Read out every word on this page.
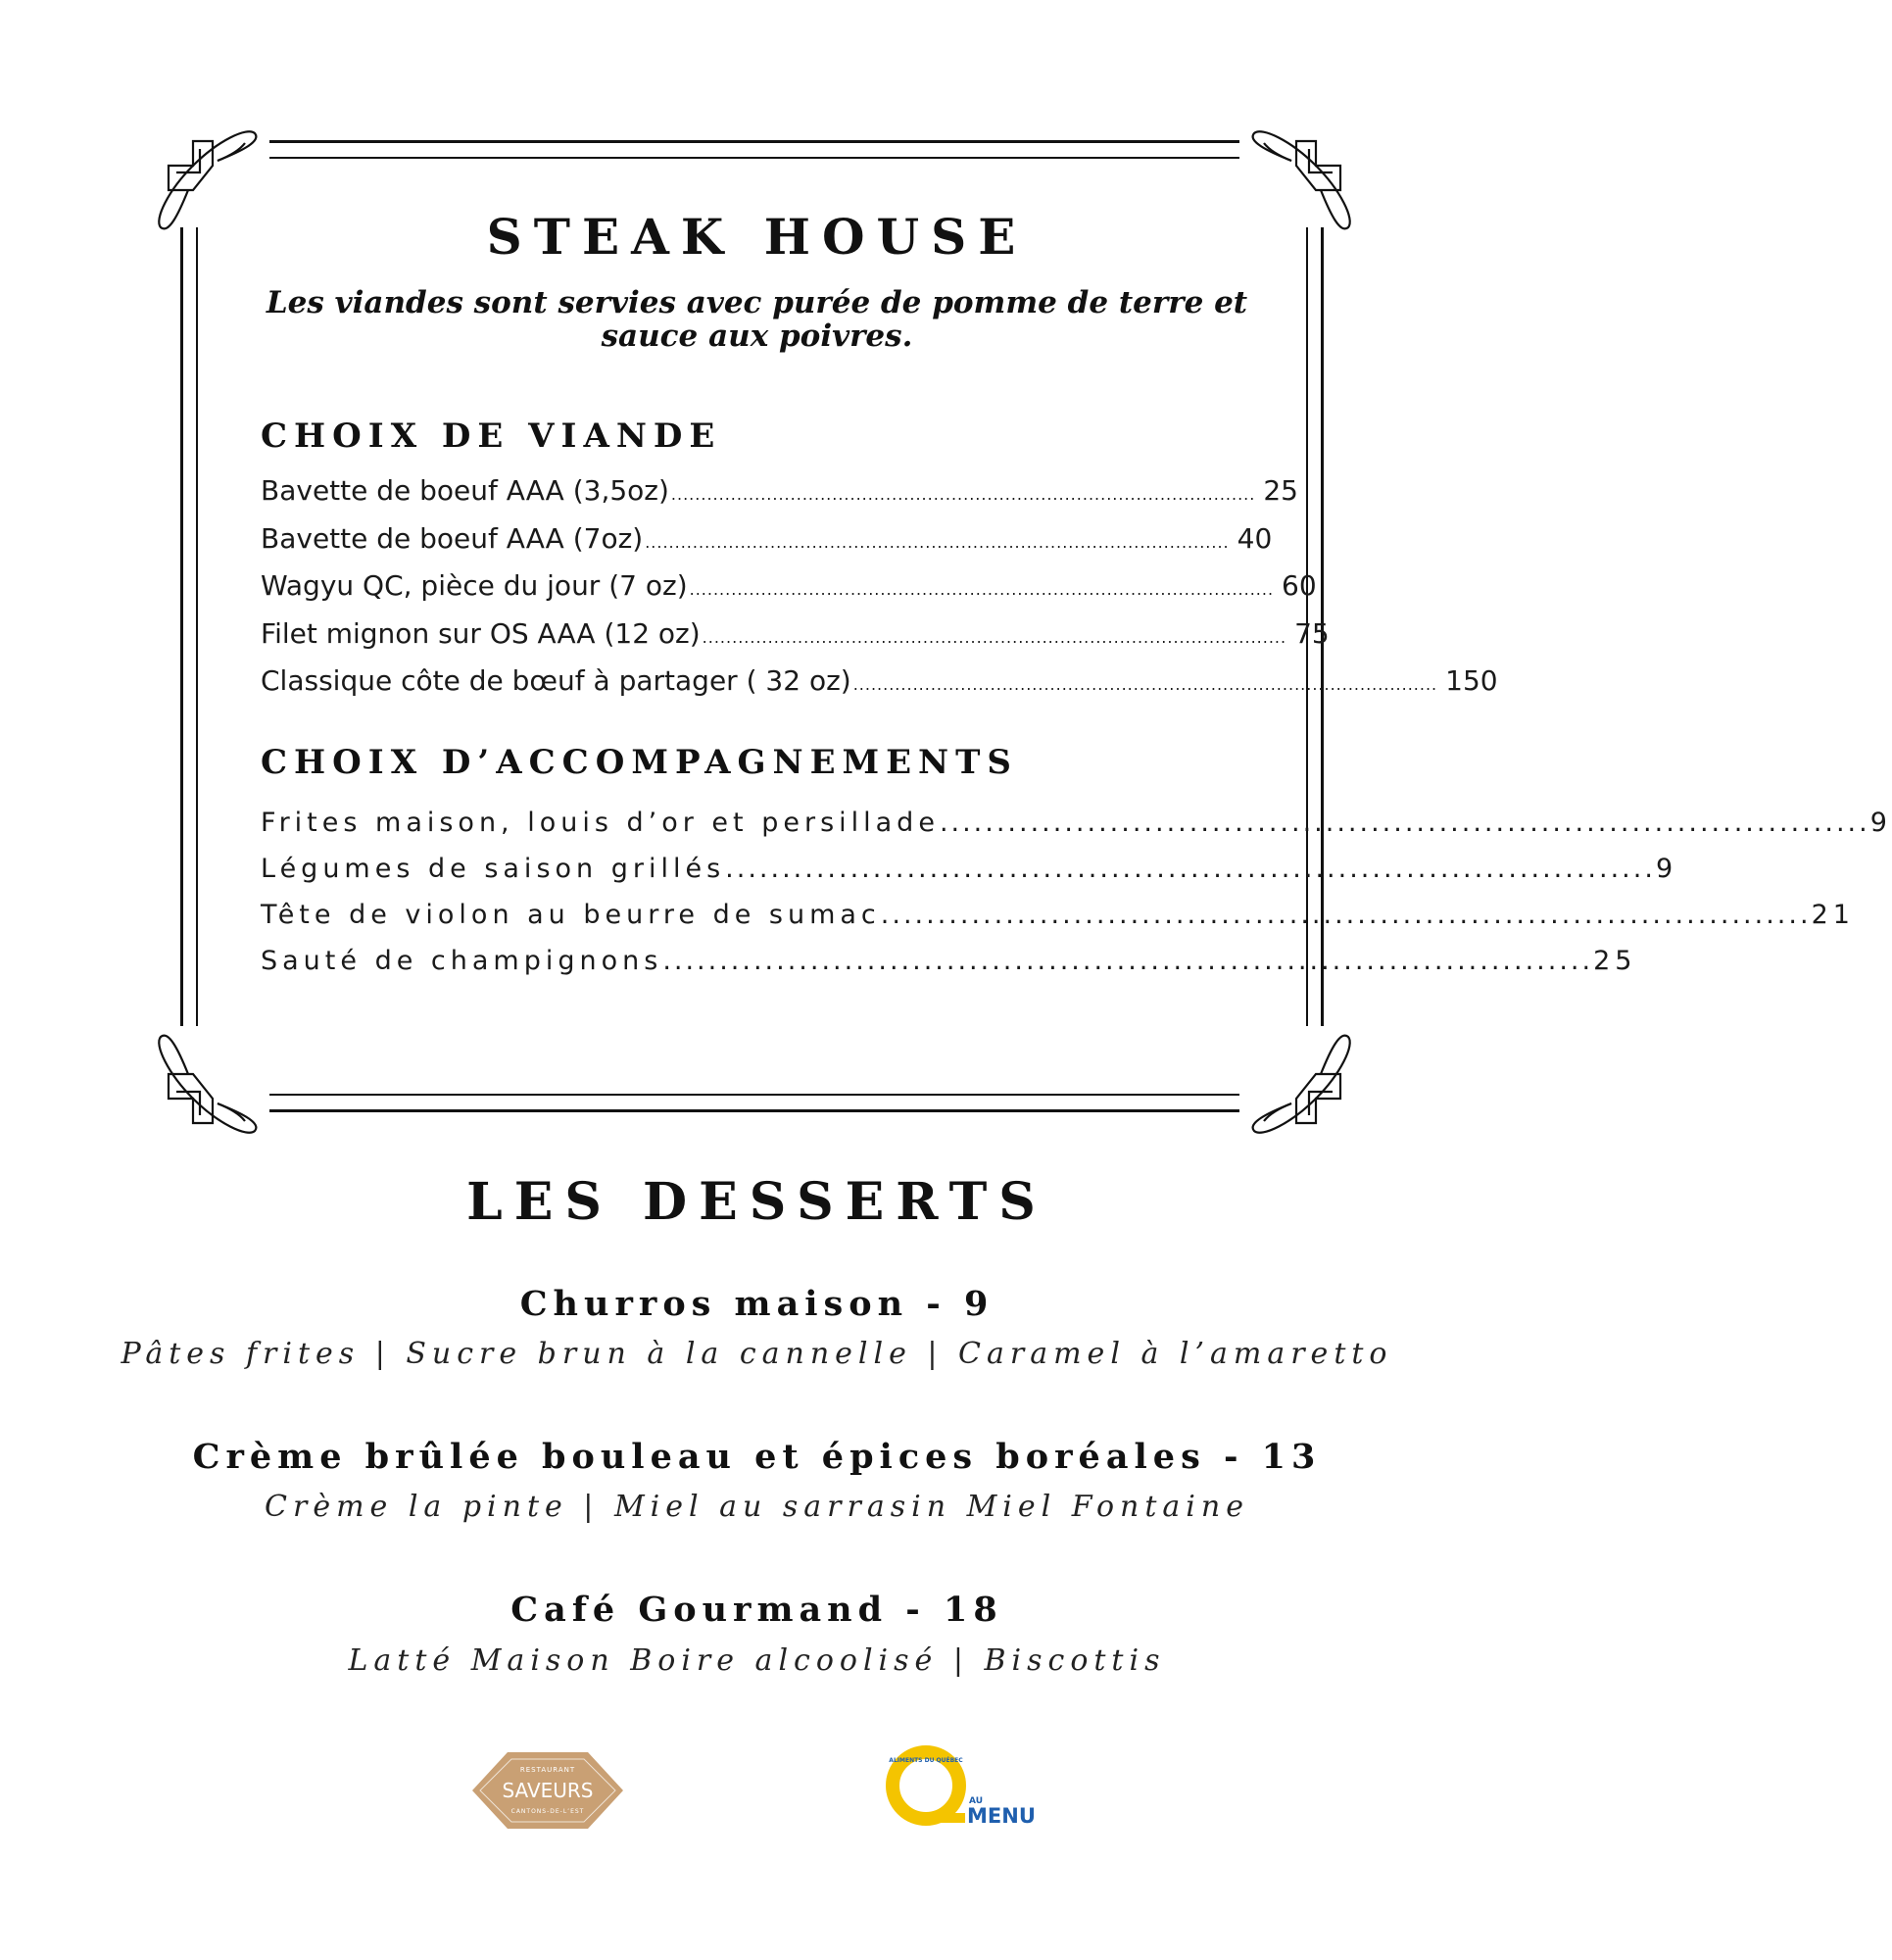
STEAK HOUSE
Les viandes sont servies avec purée de pomme de terre et sauce aux poivres.
CHOIX DE VIANDE
Bavette de boeuf AAA (3,5oz) .................................................................................................. 25
Bavette de boeuf AAA (7oz) .................................................................................................. 40
Wagyu QC, pièce du jour (7 oz) .................................................................................................. 60
Filet mignon sur OS AAA (12 oz) .................................................................................................. 75
Classique côte de bœuf à partager ( 32 oz) .................................................................................................. 150
CHOIX D’ACCOMPAGNEMENTS
Frites maison, louis d’or et persillade .................................................................................. 9
Légumes de saison grillés .................................................................................. 9
Tête de violon au beurre de sumac .................................................................................. 21
Sauté de champignons .................................................................................. 25
LES DESSERTS
Churros maison - 9
Pâtes frites | Sucre brun à la cannelle | Caramel à l’amaretto
Crème brûlée bouleau et épices boréales - 13
Crème la pinte | Miel au sarrasin Miel Fontaine
Café Gourmand - 18
Latté Maison Boire alcoolisé | Biscottis
RESTAURANT
SAVEURS
CANTONS-DE-L’EST
ALIMENTS DU QUÉBEC
AU
MENU
